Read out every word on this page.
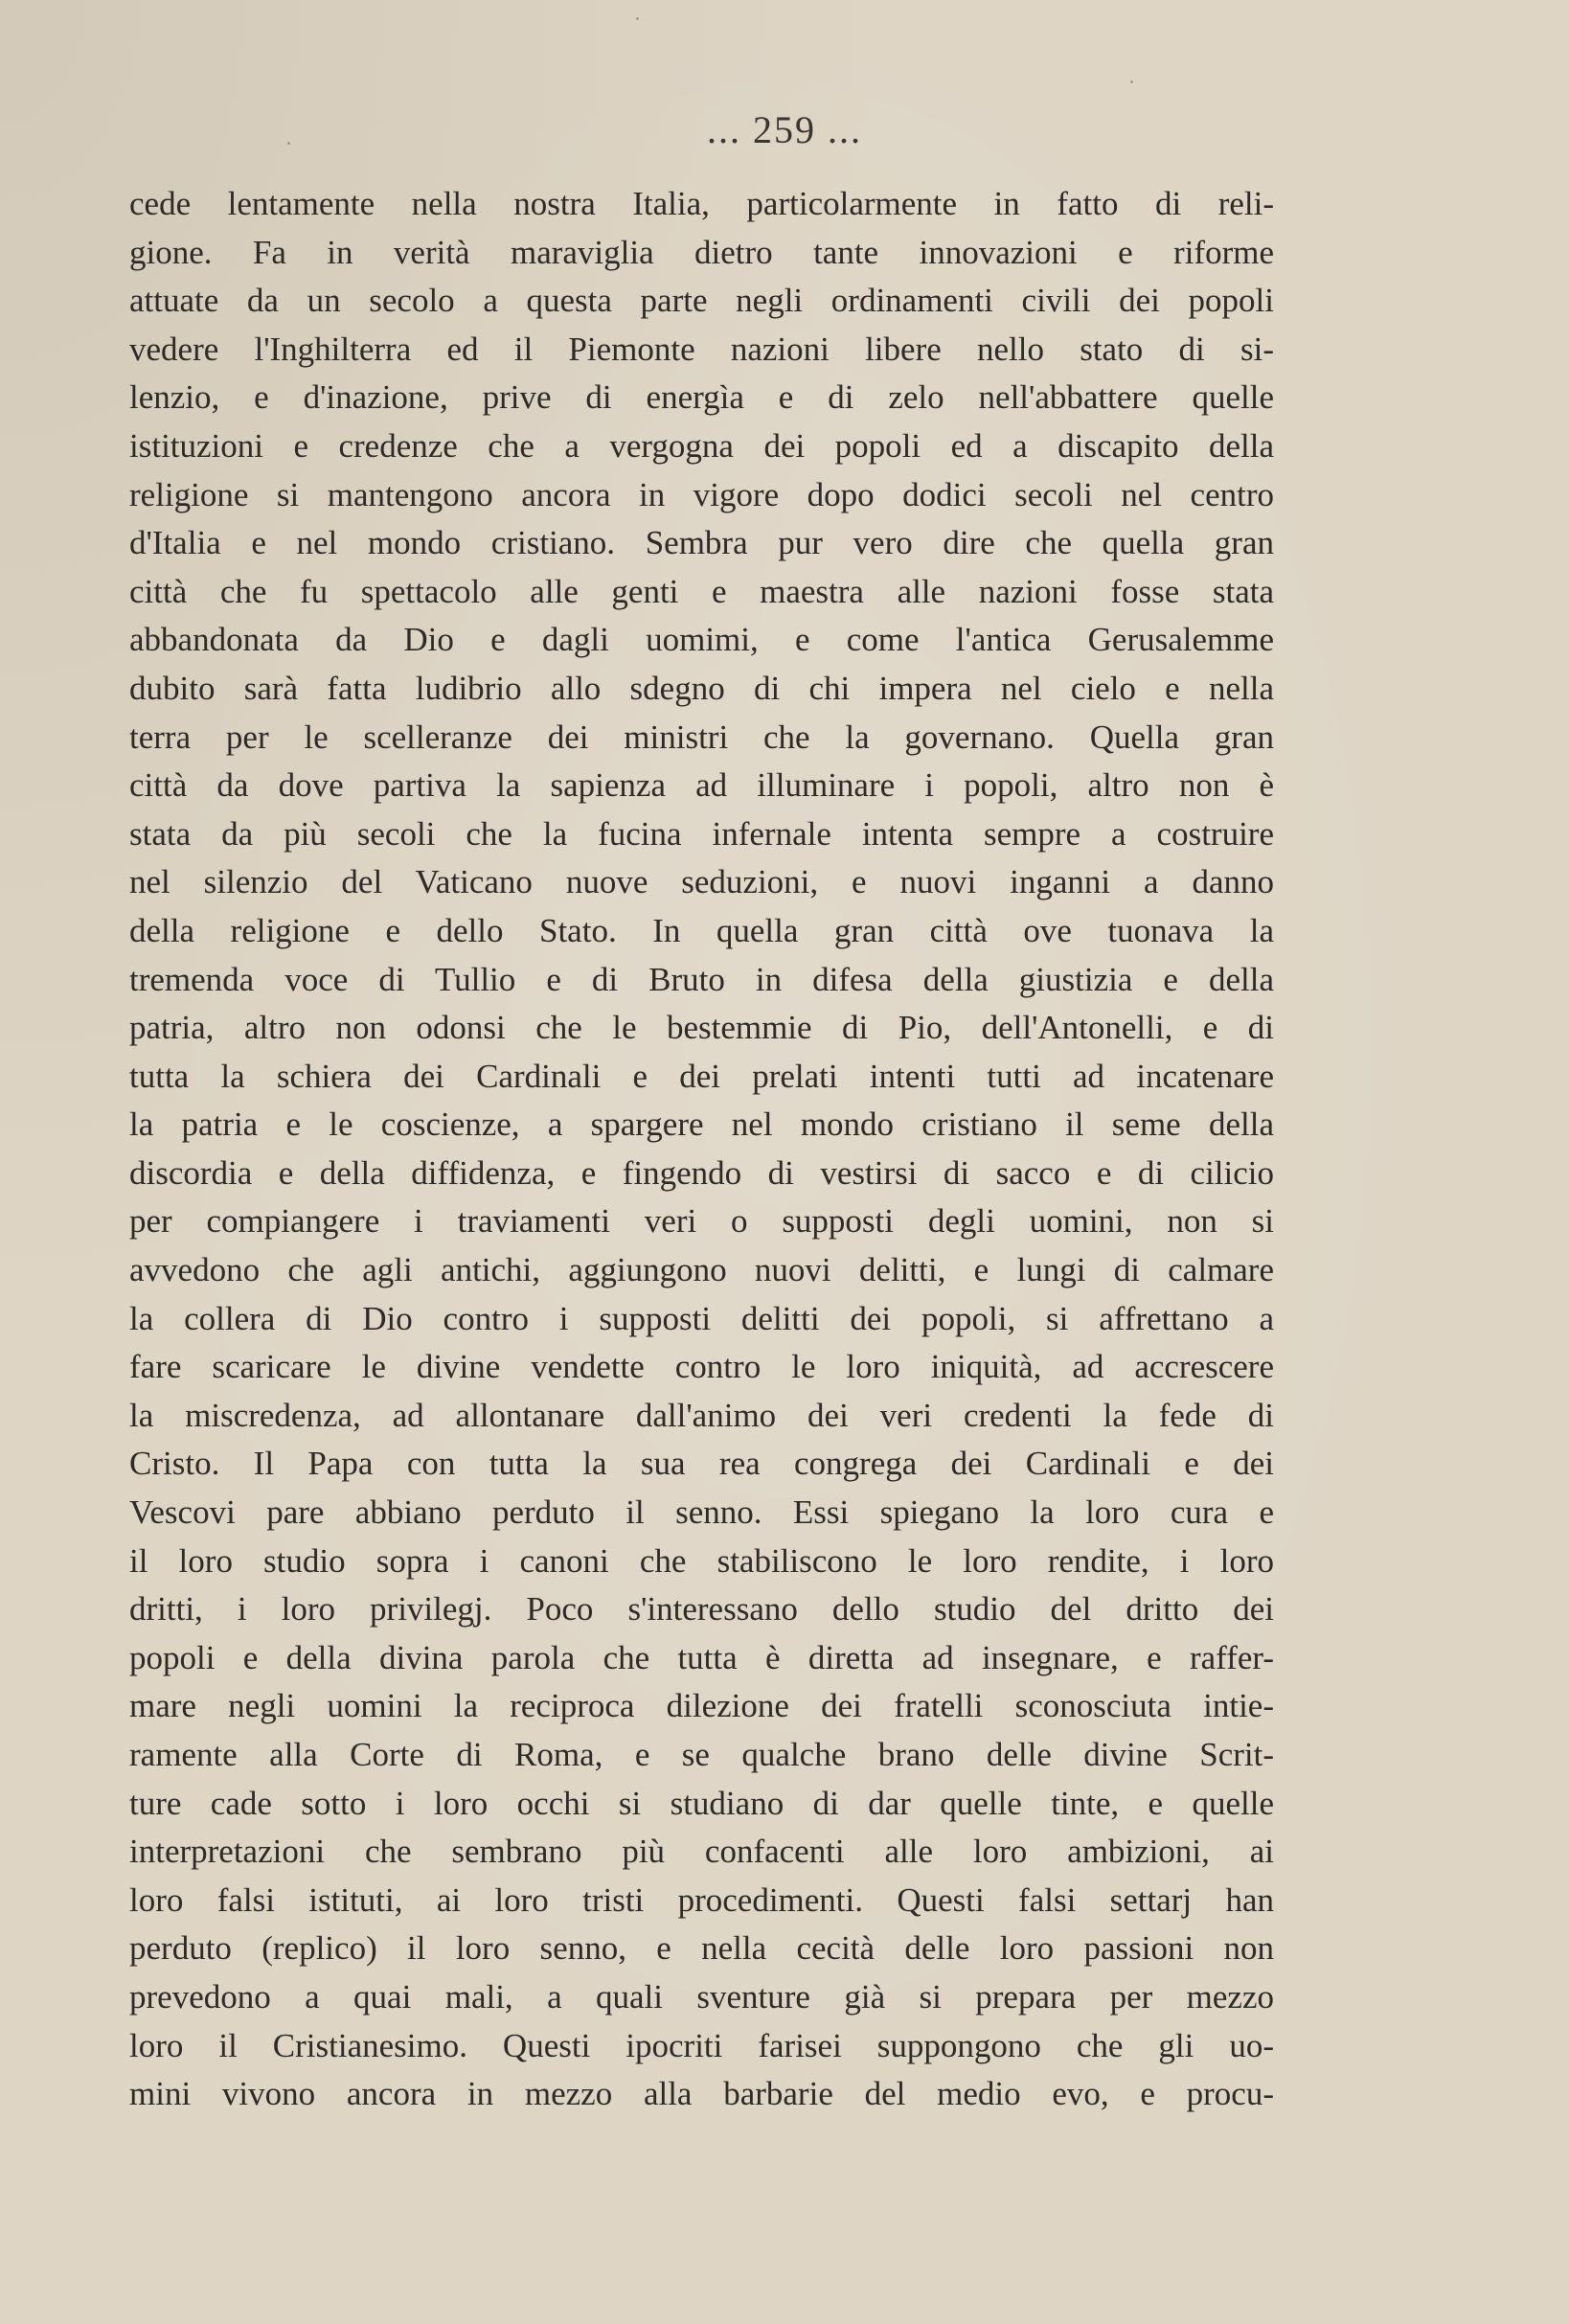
... 259 ...
cede lentamente nella nostra Italia, particolarmente in fatto di reli-
gione. Fa in verità maraviglia dietro tante innovazioni e riforme
attuate da un secolo a questa parte negli ordinamenti civili dei popoli
vedere l'Inghilterra ed il Piemonte nazioni libere nello stato di si-
lenzio, e d'inazione, prive di energìa e di zelo nell'abbattere quelle
istituzioni e credenze che a vergogna dei popoli ed a discapito della
religione si mantengono ancora in vigore dopo dodici secoli nel centro
d'Italia e nel mondo cristiano. Sembra pur vero dire che quella gran
città che fu spettacolo alle genti e maestra alle nazioni fosse stata
abbandonata da Dio e dagli uomimi, e come l'antica Gerusalemme
dubito sarà fatta ludibrio allo sdegno di chi impera nel cielo e nella
terra per le scelleranze dei ministri che la governano. Quella gran
città da dove partiva la sapienza ad illuminare i popoli, altro non è
stata da più secoli che la fucina infernale intenta sempre a costruire
nel silenzio del Vaticano nuove seduzioni, e nuovi inganni a danno
della religione e dello Stato. In quella gran città ove tuonava la
tremenda voce di Tullio e di Bruto in difesa della giustizia e della
patria, altro non odonsi che le bestemmie di Pio, dell'Antonelli, e di
tutta la schiera dei Cardinali e dei prelati intenti tutti ad incatenare
la patria e le coscienze, a spargere nel mondo cristiano il seme della
discordia e della diffidenza, e fingendo di vestirsi di sacco e di cilicio
per compiangere i traviamenti veri o supposti degli uomini, non si
avvedono che agli antichi, aggiungono nuovi delitti, e lungi di calmare
la collera di Dio contro i supposti delitti dei popoli, si affrettano a
fare scaricare le divine vendette contro le loro iniquità, ad accrescere
la miscredenza, ad allontanare dall'animo dei veri credenti la fede di
Cristo. Il Papa con tutta la sua rea congrega dei Cardinali e dei
Vescovi pare abbiano perduto il senno. Essi spiegano la loro cura e
il loro studio sopra i canoni che stabiliscono le loro rendite, i loro
dritti, i loro privilegj. Poco s'interessano dello studio del dritto dei
popoli e della divina parola che tutta è diretta ad insegnare, e raffer-
mare negli uomini la reciproca dilezione dei fratelli sconosciuta intie-
ramente alla Corte di Roma, e se qualche brano delle divine Scrit-
ture cade sotto i loro occhi si studiano di dar quelle tinte, e quelle
interpretazioni che sembrano più confacenti alle loro ambizioni, ai
loro falsi istituti, ai loro tristi procedimenti. Questi falsi settarj han
perduto (replico) il loro senno, e nella cecità delle loro passioni non
prevedono a quai mali, a quali sventure già si prepara per mezzo
loro il Cristianesimo. Questi ipocriti farisei suppongono che gli uo-
mini vivono ancora in mezzo alla barbarie del medio evo, e procu-
